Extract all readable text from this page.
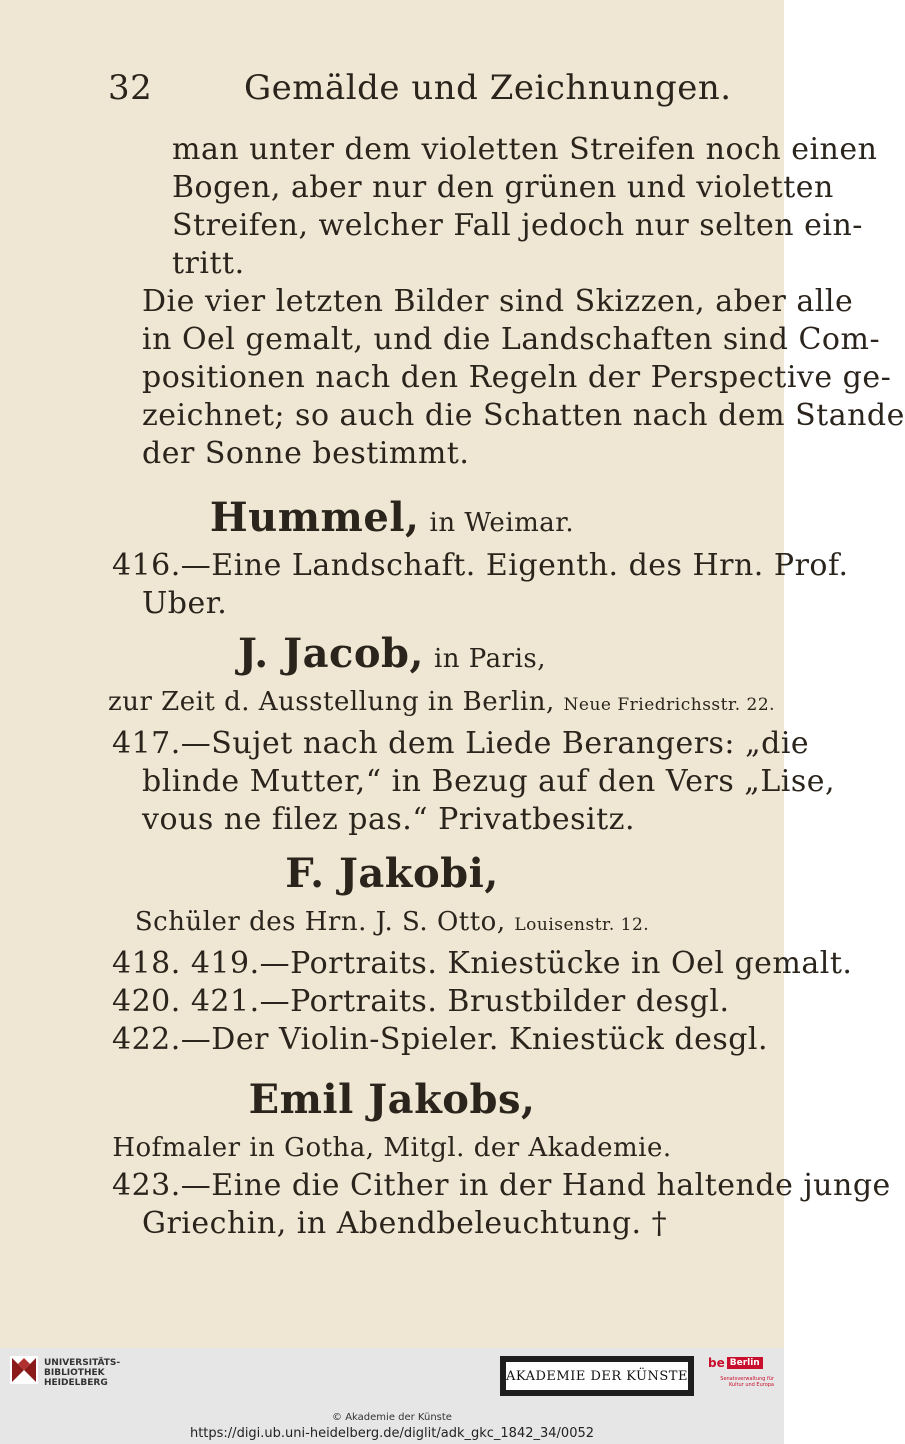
32	Gemälde und Zeichnungen.
man unter dem violetten Streifen noch einen
Bogen, aber nur den grünen und violetten
Streifen, welcher Fall jedoch nur selten ein-
tritt.
Die vier letzten Bilder sind Skizzen, aber alle
in Oel gemalt, und die Landschaften sind Com-
positionen nach den Regeln der Perspective ge-
zeichnet; so auch die Schatten nach dem Stande
der Sonne bestimmt.
Hummel, in Weimar.
416.—Eine Landschaft. Eigenth. des Hrn. Prof.
Uber.
J. Jacob, in Paris,
zur Zeit d. Ausstellung in Berlin, Neue Friedrichsstr. 22.
417.—Sujet nach dem Liede Berangers: „die
blinde Mutter,“ in Bezug auf den Vers „Lise,
vous ne filez pas.“ Privatbesitz.
F. Jakobi,
Schüler des Hrn. J. S. Otto, Louisenstr. 12.
418. 419.—Portraits. Kniestücke in Oel gemalt.
420. 421.—Portraits. Brustbilder desgl.
422.—Der Violin-Spieler. Kniestück desgl.
Emil Jakobs,
Hofmaler in Gotha, Mitgl. der Akademie.
423.—Eine die Cither in der Hand haltende junge
Griechin, in Abendbeleuchtung. †
UNIVERSITÄTS-
BIBLIOTHEK
HEIDELBERG	AKADEMIE DER KÜNSTE
be Berlin
Senatsverwaltung für Kultur und Europa
© Akademie der Künste
https://digi.ub.uni-heidelberg.de/diglit/adk_gkc_1842_34/0052
